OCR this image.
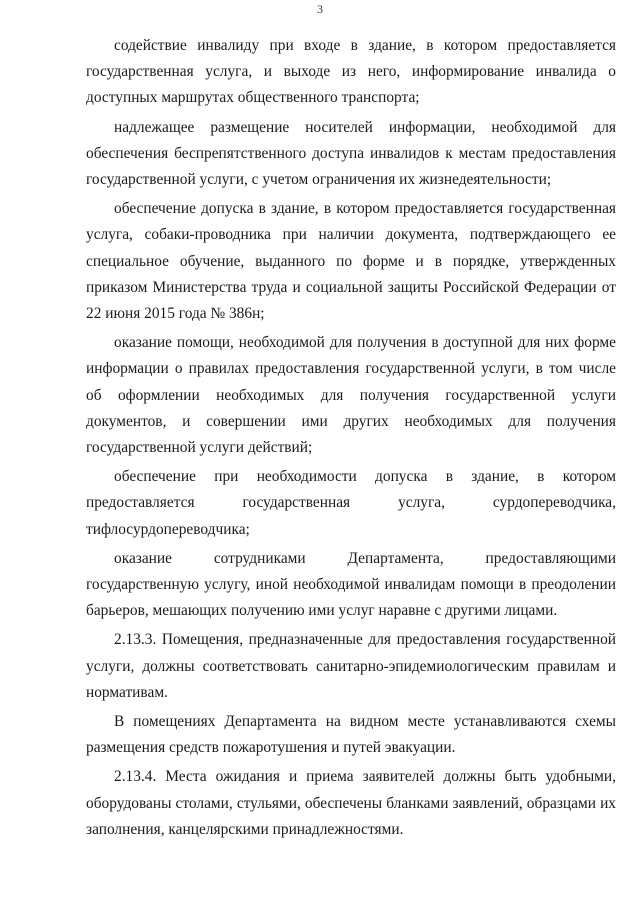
3

содействие инвалиду при входе в здание, в котором предоставляется государственная услуга, и выходе из него, информирование инвалида о доступных маршрутах общественного транспорта;

надлежащее размещение носителей информации, необходимой для обеспечения беспрепятственного доступа инвалидов к местам предоставления государственной услуги, с учетом ограничения их жизнедеятельности;

обеспечение допуска в здание, в котором предоставляется государственная услуга, собаки-проводника при наличии документа, подтверждающего ее специальное обучение, выданного по форме и в порядке, утвержденных приказом Министерства труда и социальной защиты Российской Федерации от 22 июня 2015 года № 386н;

оказание помощи, необходимой для получения в доступной для них форме информации о правилах предоставления государственной услуги, в том числе об оформлении необходимых для получения государственной услуги документов, и совершении ими других необходимых для получения государственной услуги действий;

обеспечение при необходимости допуска в здание, в котором предоставляется государственная услуга, сурдопереводчика, тифлосурдопереводчика;

оказание сотрудниками Департамента, предоставляющими государственную услугу, иной необходимой инвалидам помощи в преодолении барьеров, мешающих получению ими услуг наравне с другими лицами.

2.13.3. Помещения, предназначенные для предоставления государственной услуги, должны соответствовать санитарно-эпидемиологическим правилам и нормативам.

В помещениях Департамента на видном месте устанавливаются схемы размещения средств пожаротушения и путей эвакуации.

2.13.4. Места ожидания и приема заявителей должны быть удобными, оборудованы столами, стульями, обеспечены бланками заявлений, образцами их заполнения, канцелярскими принадлежностями.
